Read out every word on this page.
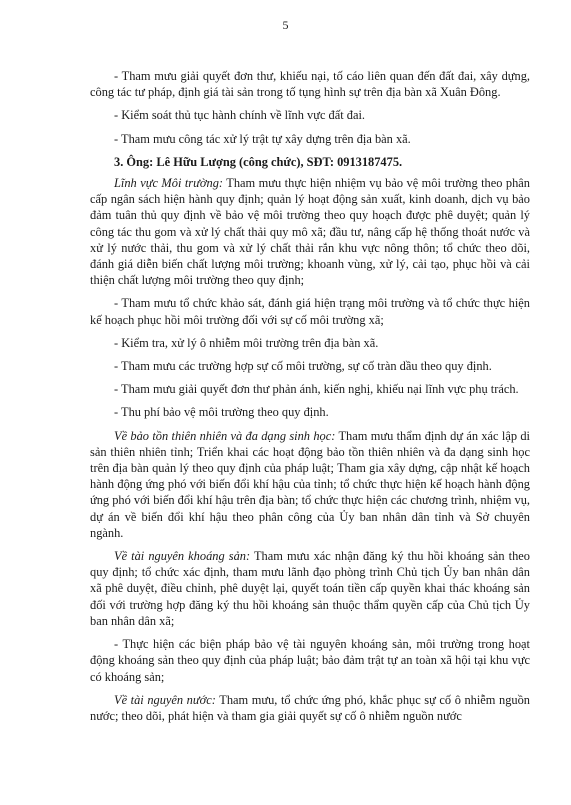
5

- Tham mưu giải quyết đơn thư, khiếu nại, tố cáo liên quan đến đất đai, xây dựng, công tác tư pháp, định giá tài sản trong tố tụng hình sự trên địa bàn xã Xuân Đông.

- Kiểm soát thủ tục hành chính về lĩnh vực đất đai.

- Tham mưu công tác xử lý trật tự xây dựng trên địa bàn xã.

3. Ông: Lê Hữu Lượng (công chức), SĐT: 0913187475.

Lĩnh vực Môi trường: Tham mưu thực hiện nhiệm vụ bảo vệ môi trường theo phân cấp ngân sách hiện hành quy định; quản lý hoạt động sản xuất, kinh doanh, dịch vụ bảo đảm tuân thủ quy định về bảo vệ môi trường theo quy hoạch được phê duyệt; quản lý công tác thu gom và xử lý chất thải quy mô xã; đầu tư, nâng cấp hệ thống thoát nước và xử lý nước thải, thu gom và xử lý chất thải rắn khu vực nông thôn; tổ chức theo dõi, đánh giá diễn biến chất lượng môi trường; khoanh vùng, xử lý, cải tạo, phục hồi và cải thiện chất lượng môi trường theo quy định;

- Tham mưu tổ chức khảo sát, đánh giá hiện trạng môi trường và tổ chức thực hiện kế hoạch phục hồi môi trường đối với sự cố môi trường xã;

- Kiểm tra, xử lý ô nhiễm môi trường trên địa bàn xã.

- Tham mưu các trường hợp sự cố môi trường, sự cố tràn dầu theo quy định.

- Tham mưu giải quyết đơn thư phản ánh, kiến nghị, khiếu nại lĩnh vực phụ trách.

- Thu phí bảo vệ môi trường theo quy định.

Về bảo tồn thiên nhiên và đa dạng sinh học: Tham mưu thẩm định dự án xác lập di sản thiên nhiên tỉnh; Triển khai các hoạt động bảo tồn thiên nhiên và đa dạng sinh học trên địa bàn quản lý theo quy định của pháp luật; Tham gia xây dựng, cập nhật kế hoạch hành động ứng phó với biến đổi khí hậu của tỉnh; tổ chức thực hiện kế hoạch hành động ứng phó với biến đổi khí hậu trên địa bàn; tổ chức thực hiện các chương trình, nhiệm vụ, dự án về biến đổi khí hậu theo phân công của Ủy ban nhân dân tỉnh và Sở chuyên ngành.

Về tài nguyên khoáng sản: Tham mưu xác nhận đăng ký thu hồi khoáng sản theo quy định; tổ chức xác định, tham mưu lãnh đạo phòng trình Chủ tịch Ủy ban nhân dân xã phê duyệt, điều chỉnh, phê duyệt lại, quyết toán tiền cấp quyền khai thác khoáng sản đối với trường hợp đăng ký thu hồi khoáng sản thuộc thẩm quyền cấp của Chủ tịch Ủy ban nhân dân xã;

- Thực hiện các biện pháp bảo vệ tài nguyên khoáng sản, môi trường trong hoạt động khoáng sản theo quy định của pháp luật; bảo đảm trật tự an toàn xã hội tại khu vực có khoáng sản;

Về tài nguyên nước: Tham mưu, tổ chức ứng phó, khắc phục sự cố ô nhiễm nguồn nước; theo dõi, phát hiện và tham gia giải quyết sự cố ô nhiễm nguồn nước
